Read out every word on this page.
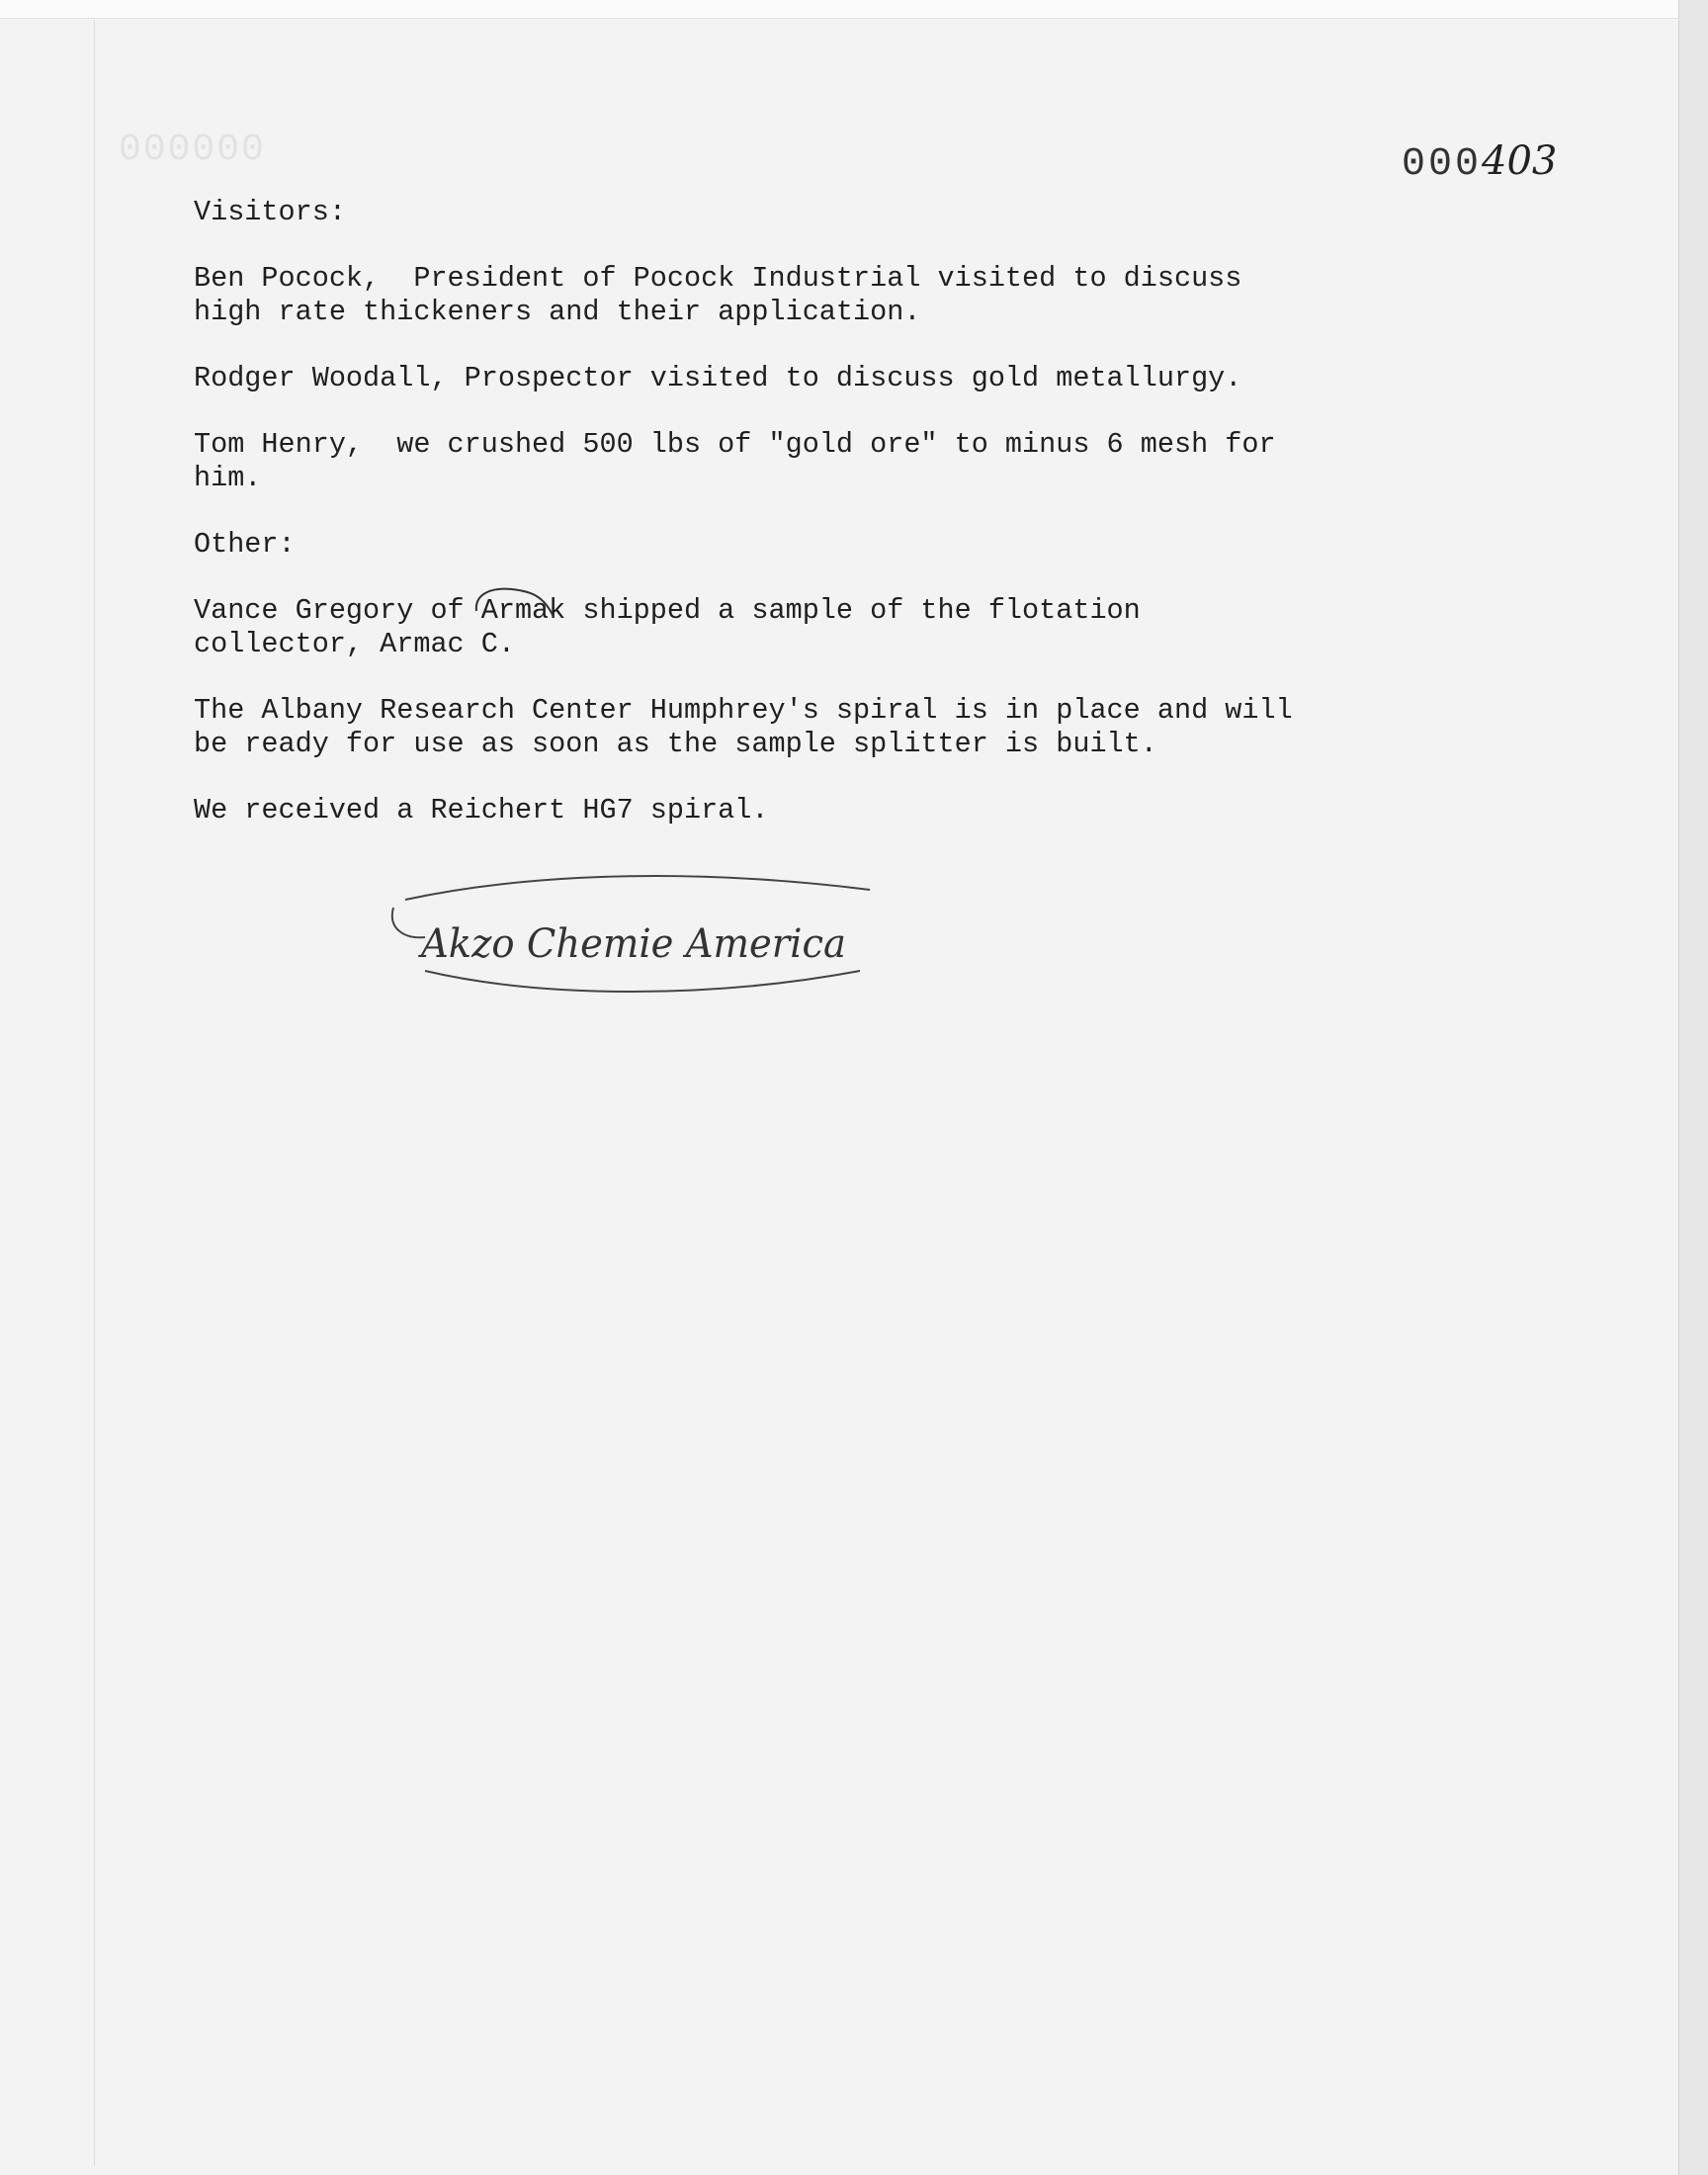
000000	000403

Visitors:

Ben Pocock,  President of Pocock Industrial visited to discuss
high rate thickeners and their application.

Rodger Woodall, Prospector visited to discuss gold metallurgy.

Tom Henry,  we crushed 500 lbs of "gold ore" to minus 6 mesh for
him.

Other:

Vance Gregory of Armak shipped a sample of the flotation
collector, Armac C.

The Albany Research Center Humphrey's spiral is in place and will
be ready for use as soon as the sample splitter is built.

We received a Reichert HG7 spiral.

Akzo Chemie America
